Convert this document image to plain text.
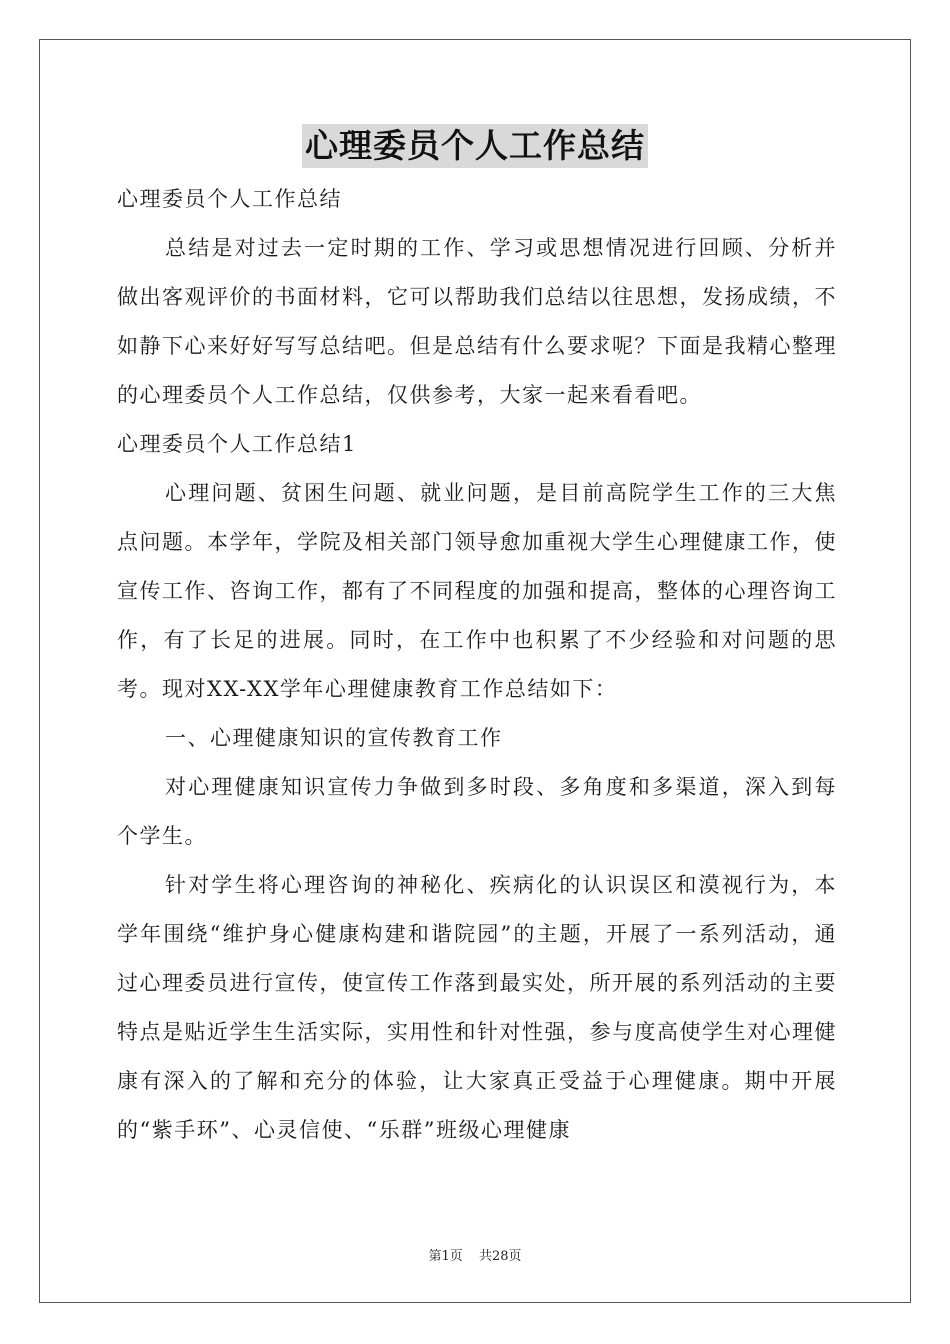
心理委员个人工作总结

心理委员个人工作总结

总结是对过去一定时期的工作、学习或思想情况进行回顾、分析并做出客观评价的书面材料，它可以帮助我们总结以往思想，发扬成绩，不如静下心来好好写写总结吧。但是总结有什么要求呢？下面是我精心整理的心理委员个人工作总结，仅供参考，大家一起来看看吧。

心理委员个人工作总结1

心理问题、贫困生问题、就业问题，是目前高院学生工作的三大焦点问题。本学年，学院及相关部门领导愈加重视大学生心理健康工作，使宣传工作、咨询工作，都有了不同程度的加强和提高，整体的心理咨询工作，有了长足的进展。同时，在工作中也积累了不少经验和对问题的思考。现对XX-XX学年心理健康教育工作总结如下：

一、心理健康知识的宣传教育工作

对心理健康知识宣传力争做到多时段、多角度和多渠道，深入到每个学生。

针对学生将心理咨询的神秘化、疾病化的认识误区和漠视行为，本学年围绕“维护身心健康构建和谐院园”的主题，开展了一系列活动，通过心理委员进行宣传，使宣传工作落到最实处，所开展的系列活动的主要特点是贴近学生生活实际，实用性和针对性强，参与度高使学生对心理健康有深入的了解和充分的体验，让大家真正受益于心理健康。期中开展的“紫手环”、心灵信使、“乐群”班级心理健康

第1页 共28页
